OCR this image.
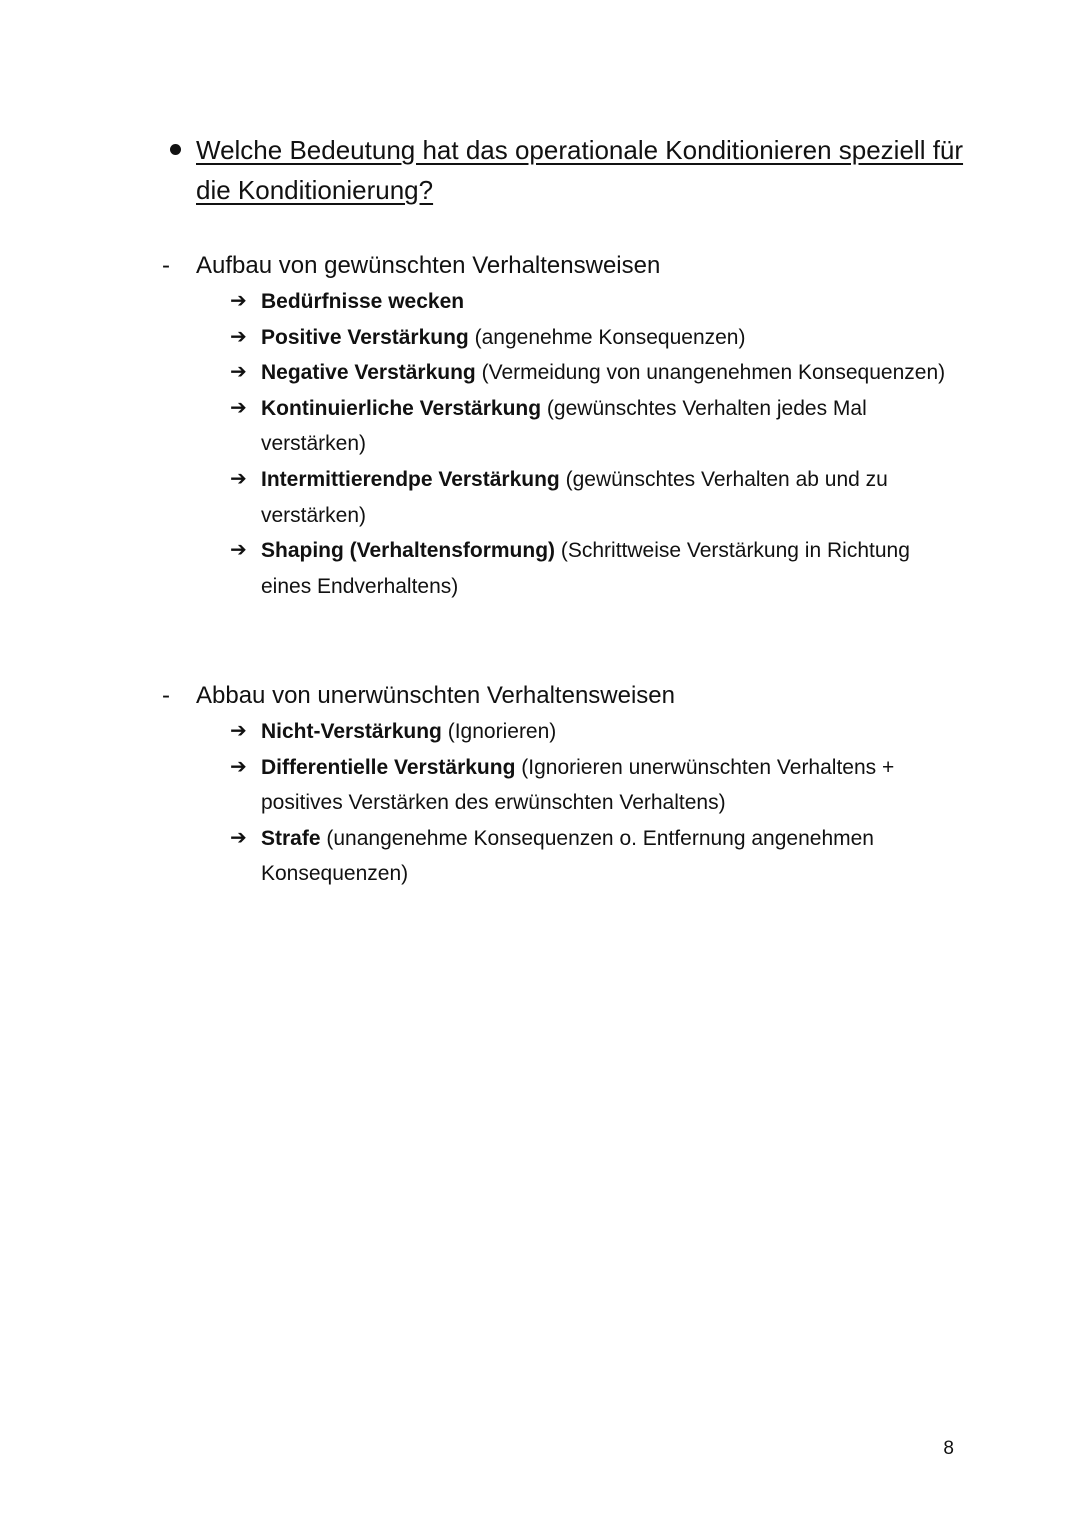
Welche Bedeutung hat das operationale Konditionieren speziell für die Konditionierung?
- Aufbau von gewünschten Verhaltensweisen
➔ Bedürfnisse wecken
➔ Positive Verstärkung (angenehme Konsequenzen)
➔ Negative Verstärkung (Vermeidung von unangenehmen Konsequenzen)
➔ Kontinuierliche Verstärkung (gewünschtes Verhalten jedes Mal verstärken)
➔ Intermittierendpe Verstärkung (gewünschtes Verhalten ab und zu verstärken)
➔ Shaping (Verhaltensformung) (Schrittweise Verstärkung in Richtung eines Endverhaltens)
- Abbau von unerwünschten Verhaltensweisen
➔ Nicht-Verstärkung (Ignorieren)
➔ Differentielle Verstärkung (Ignorieren unerwünschten Verhaltens + positives Verstärken des erwünschten Verhaltens)
➔ Strafe (unangenehme Konsequenzen o. Entfernung angenehmen Konsequenzen)
8
